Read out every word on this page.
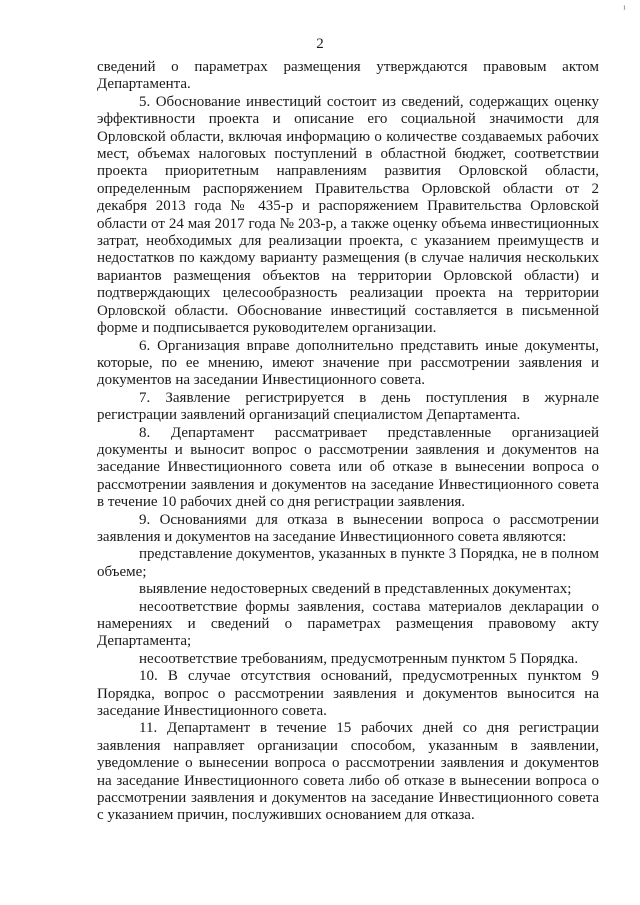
¹
2

сведений о параметрах размещения утверждаются правовым актом Департамента.

5. Обоснование инвестиций состоит из сведений, содержащих оценку эффективности проекта и описание его социальной значимости для Орловской области, включая информацию о количестве создаваемых рабочих мест, объемах налоговых поступлений в областной бюджет, соответствии проекта приоритетным направлениям развития Орловской области, определенным распоряжением Правительства Орловской области от 2 декабря 2013 года № 435-р и распоряжением Правительства Орловской области от 24 мая 2017 года № 203-р, а также оценку объема инвестиционных затрат, необходимых для реализации проекта, с указанием преимуществ и недостатков по каждому варианту размещения (в случае наличия нескольких вариантов размещения объектов на территории Орловской области) и подтверждающих целесообразность реализации проекта на территории Орловской области. Обоснование инвестиций составляется в письменной форме и подписывается руководителем организации.

6. Организация вправе дополнительно представить иные документы, которые, по ее мнению, имеют значение при рассмотрении заявления и документов на заседании Инвестиционного совета.

7. Заявление регистрируется в день поступления в журнале регистрации заявлений организаций специалистом Департамента.

8. Департамент рассматривает представленные организацией документы и выносит вопрос о рассмотрении заявления и документов на заседание Инвестиционного совета или об отказе в вынесении вопроса о рассмотрении заявления и документов на заседание Инвестиционного совета в течение 10 рабочих дней со дня регистрации заявления.

9. Основаниями для отказа в вынесении вопроса о рассмотрении заявления и документов на заседание Инвестиционного совета являются:

представление документов, указанных в пункте 3 Порядка, не в полном объеме;

выявление недостоверных сведений в представленных документах;

несоответствие формы заявления, состава материалов декларации о намерениях и сведений о параметрах размещения правовому акту Департамента;

несоответствие требованиям, предусмотренным пунктом 5 Порядка.

10. В случае отсутствия оснований, предусмотренных пунктом 9 Порядка, вопрос о рассмотрении заявления и документов выносится на заседание Инвестиционного совета.

11. Департамент в течение 15 рабочих дней со дня регистрации заявления направляет организации способом, указанным в заявлении, уведомление о вынесении вопроса о рассмотрении заявления и документов на заседание Инвестиционного совета либо об отказе в вынесении вопроса о рассмотрении заявления и документов на заседание Инвестиционного совета с указанием причин, послуживших основанием для отказа.
